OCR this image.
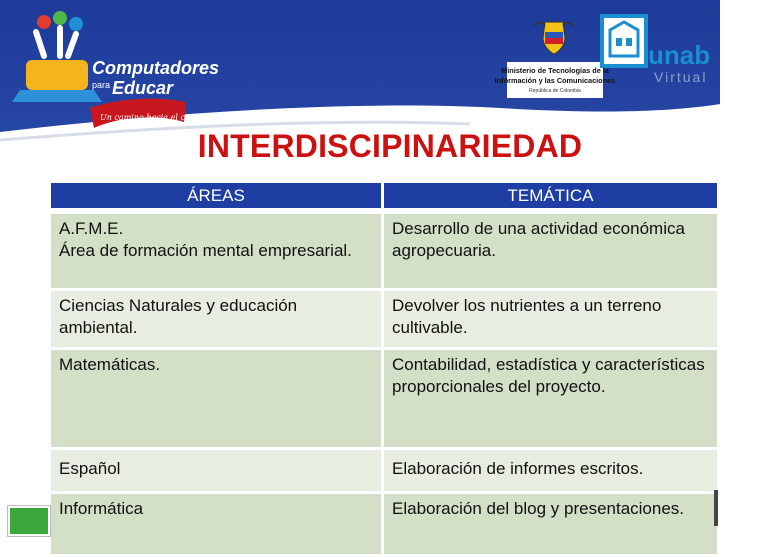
Computadores
para Educar
Un camino hacia el conocimiento
Ministerio de Tecnologías de la
Información y las Comunicaciones
República de Colombia
unab
Virtual
INTERDISCIPINARIEDAD
ÁREAS	TEMÁTICA

A.F.M.E.
Área de formación mental empresarial.	Desarrollo de una actividad económica agropecuaria.

Ciencias Naturales y educación ambiental.	Devolver los nutrientes a un terreno cultivable.

Matemáticas.	Contabilidad, estadística y características proporcionales del proyecto.

Español	Elaboración de informes escritos.

Informática	Elaboración del blog y presentaciones.
